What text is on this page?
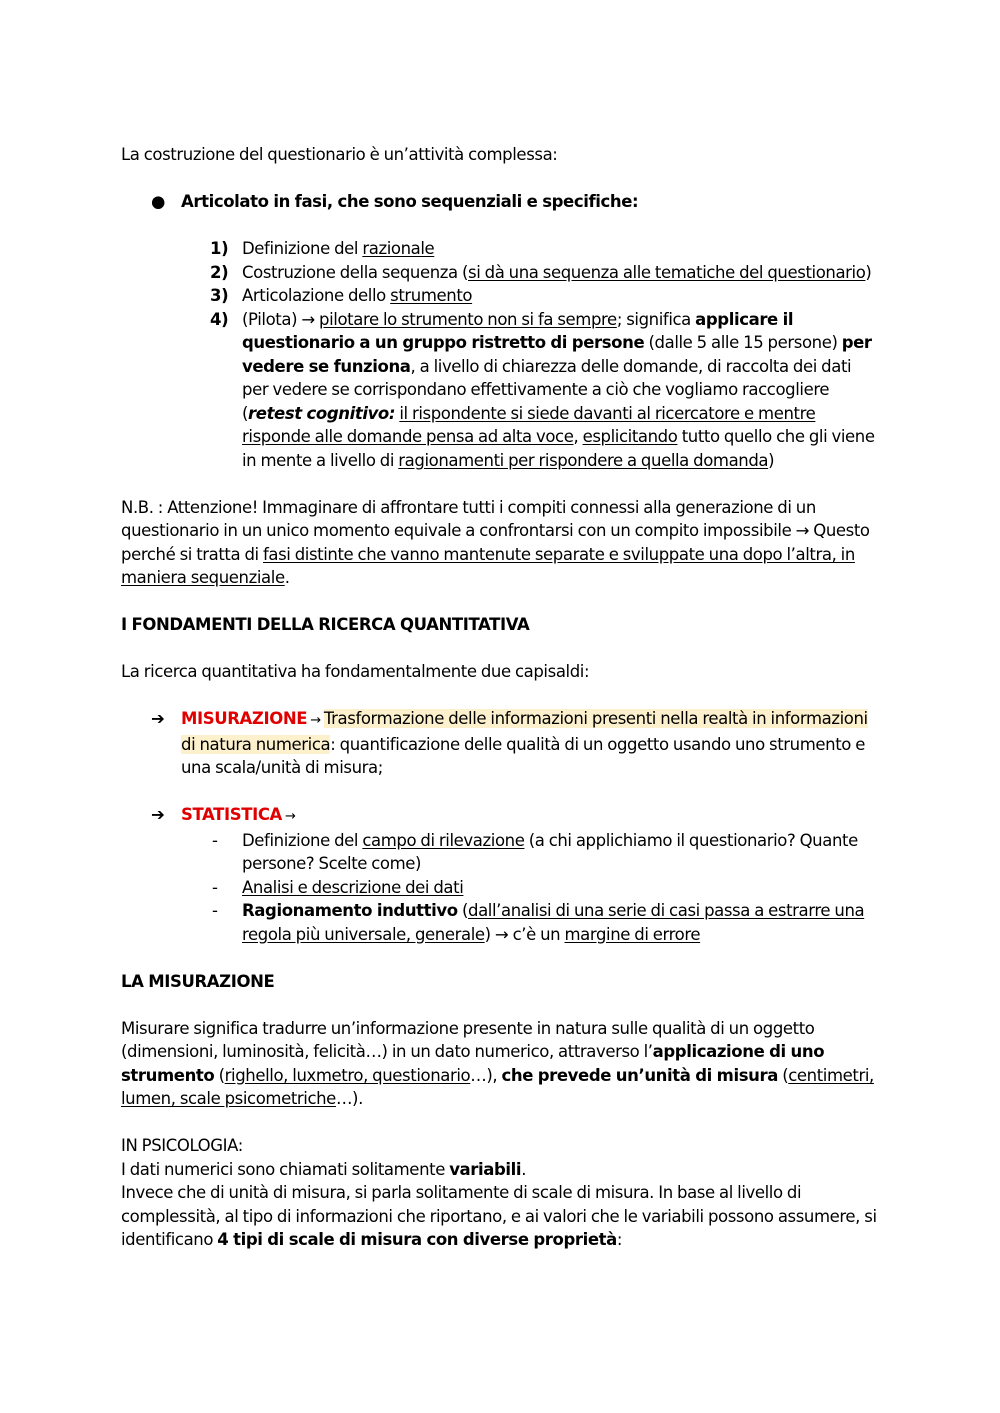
La costruzione del questionario è un’attività complessa:

● Articolato in fasi, che sono sequenziali e specifiche:
1) Definizione del razionale
2) Costruzione della sequenza (si dà una sequenza alle tematiche del questionario)
3) Articolazione dello strumento
4) (Pilota) → pilotare lo strumento non si fa sempre; significa applicare il questionario a un gruppo ristretto di persone (dalle 5 alle 15 persone) per vedere se funziona, a livello di chiarezza delle domande, di raccolta dei dati per vedere se corrispondano effettivamente a ciò che vogliamo raccogliere (retest cognitivo: il rispondente si siede davanti al ricercatore e mentre risponde alle domande pensa ad alta voce, esplicitando tutto quello che gli viene in mente a livello di ragionamenti per rispondere a quella domanda)

N.B. : Attenzione! Immaginare di affrontare tutti i compiti connessi alla generazione di un questionario in un unico momento equivale a confrontarsi con un compito impossibile → Questo perché si tratta di fasi distinte che vanno mantenute separate e sviluppate una dopo l’altra, in maniera sequenziale.

I FONDAMENTI DELLA RICERCA QUANTITATIVA

La ricerca quantitativa ha fondamentalmente due capisaldi:

➔ MISURAZIONE → Trasformazione delle informazioni presenti nella realtà in informazioni di natura numerica: quantificazione delle qualità di un oggetto usando uno strumento e una scala/unità di misura;
➔ STATISTICA →
- Definizione del campo di rilevazione (a chi applichiamo il questionario? Quante persone? Scelte come)
- Analisi e descrizione dei dati
- Ragionamento induttivo (dall’analisi di una serie di casi passa a estrarre una regola più universale, generale) → c’è un margine di errore

LA MISURAZIONE

Misurare significa tradurre un’informazione presente in natura sulle qualità di un oggetto (dimensioni, luminosità, felicità…) in un dato numerico, attraverso l’applicazione di uno strumento (righello, luxmetro, questionario…), che prevede un’unità di misura (centimetri, lumen, scale psicometriche…).

IN PSICOLOGIA:

I dati numerici sono chiamati solitamente variabili.

Invece che di unità di misura, si parla solitamente di scale di misura. In base al livello di complessità, al tipo di informazioni che riportano, e ai valori che le variabili possono assumere, si identificano 4 tipi di scale di misura con diverse proprietà:
